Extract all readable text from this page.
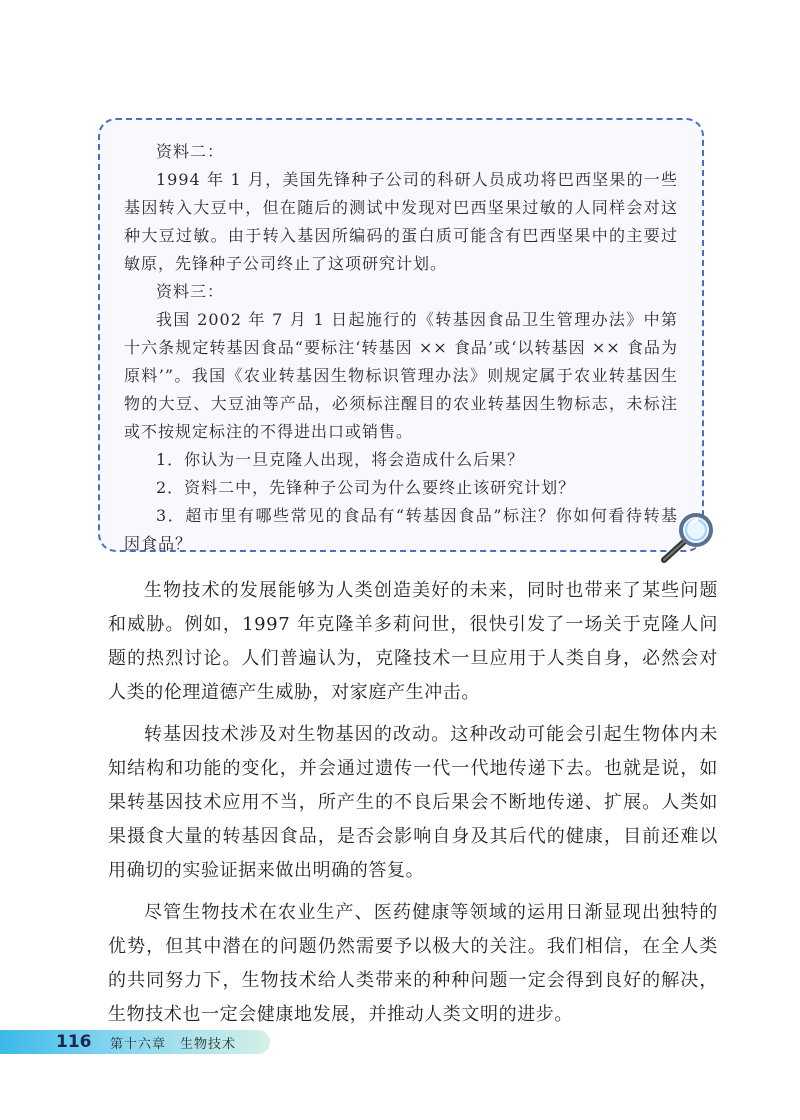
资料二：

1994 年 1 月，美国先锋种子公司的科研人员成功将巴西坚果的一些基因转入大豆中，但在随后的测试中发现对巴西坚果过敏的人同样会对这种大豆过敏。由于转入基因所编码的蛋白质可能含有巴西坚果中的主要过敏原，先锋种子公司终止了这项研究计划。

资料三：

我国 2002 年 7 月 1 日起施行的《转基因食品卫生管理办法》中第十六条规定转基因食品“要标注‘转基因 ×× 食品’或‘以转基因 ×× 食品为原料’”。我国《农业转基因生物标识管理办法》则规定属于农业转基因生物的大豆、大豆油等产品，必须标注醒目的农业转基因生物标志，未标注或不按规定标注的不得进出口或销售。

1．你认为一旦克隆人出现，将会造成什么后果？

2．资料二中，先锋种子公司为什么要终止该研究计划？

3．超市里有哪些常见的食品有“转基因食品”标注？你如何看待转基因食品？

生物技术的发展能够为人类创造美好的未来，同时也带来了某些问题和威胁。例如，1997 年克隆羊多莉问世，很快引发了一场关于克隆人问题的热烈讨论。人们普遍认为，克隆技术一旦应用于人类自身，必然会对人类的伦理道德产生威胁，对家庭产生冲击。

转基因技术涉及对生物基因的改动。这种改动可能会引起生物体内未知结构和功能的变化，并会通过遗传一代一代地传递下去。也就是说，如果转基因技术应用不当，所产生的不良后果会不断地传递、扩展。人类如果摄食大量的转基因食品，是否会影响自身及其后代的健康，目前还难以用确切的实验证据来做出明确的答复。

尽管生物技术在农业生产、医药健康等领域的运用日渐显现出独特的优势，但其中潜在的问题仍然需要予以极大的关注。我们相信，在全人类的共同努力下，生物技术给人类带来的种种问题一定会得到良好的解决，生物技术也一定会健康地发展，并推动人类文明的进步。

116	第十六章　生物技术
